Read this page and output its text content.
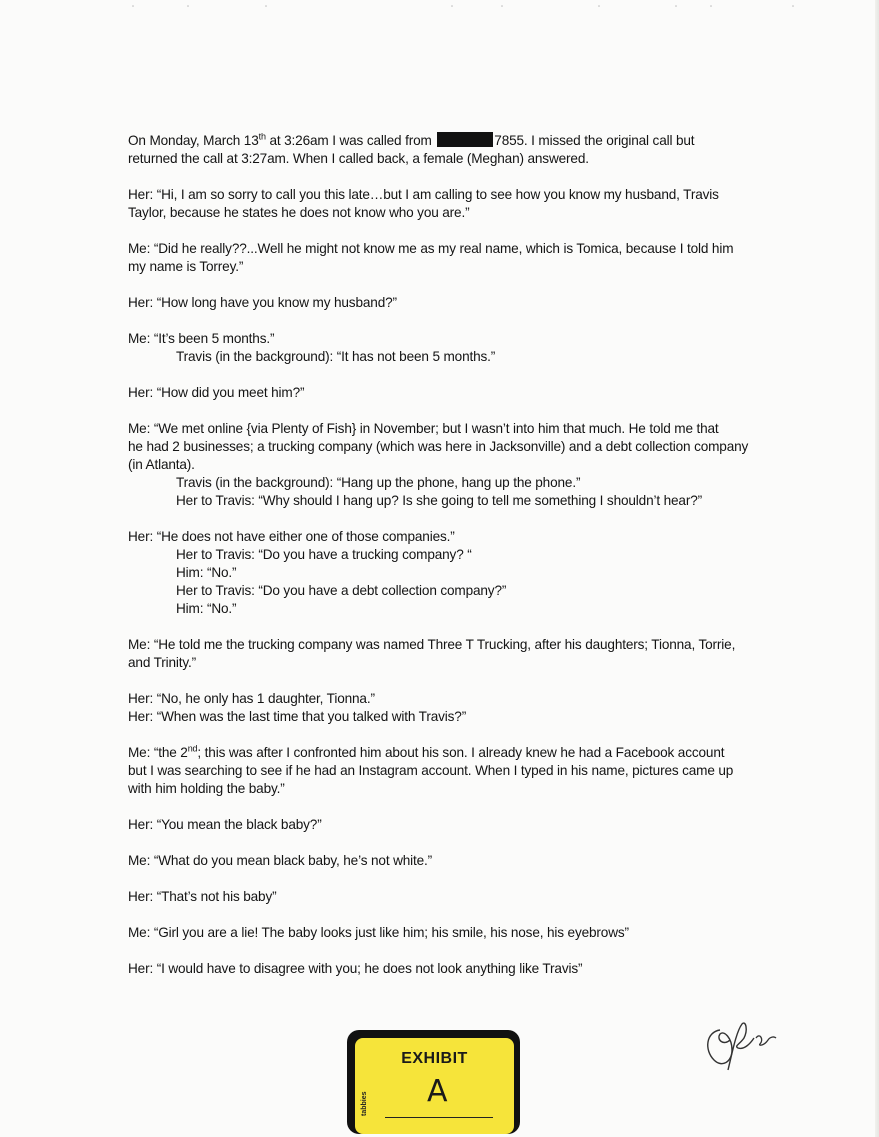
On Monday, March 13th at 3:26am I was called from	7855. I missed the original call but
returned the call at 3:27am. When I called back, a female (Meghan) answered.
Her: “Hi, I am so sorry to call you this late…but I am calling to see how you know my husband, Travis
Taylor, because he states he does not know who you are.”
Me: “Did he really??...Well he might not know me as my real name, which is Tomica, because I told him
my name is Torrey.”
Her: “How long have you know my husband?”
Me: “It’s been 5 months.”
Travis (in the background): “It has not been 5 months.”
Her: “How did you meet him?”
Me: “We met online {via Plenty of Fish} in November; but I wasn’t into him that much. He told me that
he had 2 businesses; a trucking company (which was here in Jacksonville) and a debt collection company
(in Atlanta).
Travis (in the background): “Hang up the phone, hang up the phone.”
Her to Travis: “Why should I hang up? Is she going to tell me something I shouldn’t hear?”
Her: “He does not have either one of those companies.”
Her to Travis: “Do you have a trucking company? “
Him: “No.”
Her to Travis: “Do you have a debt collection company?”
Him: “No.”
Me: “He told me the trucking company was named Three T Trucking, after his daughters; Tionna, Torrie,
and Trinity.”
Her: “No, he only has 1 daughter, Tionna.”
Her: “When was the last time that you talked with Travis?”
Me: “the 2nd; this was after I confronted him about his son. I already knew he had a Facebook account
but I was searching to see if he had an Instagram account. When I typed in his name, pictures came up
with him holding the baby.”
Her: “You mean the black baby?”
Me: “What do you mean black baby, he’s not white.”
Her: “That’s not his baby”
Me: “Girl you are a lie! The baby looks just like him; his smile, his nose, his eyebrows”
Her: “I would have to disagree with you; he does not look anything like Travis”
EXHIBIT
tabbies A
